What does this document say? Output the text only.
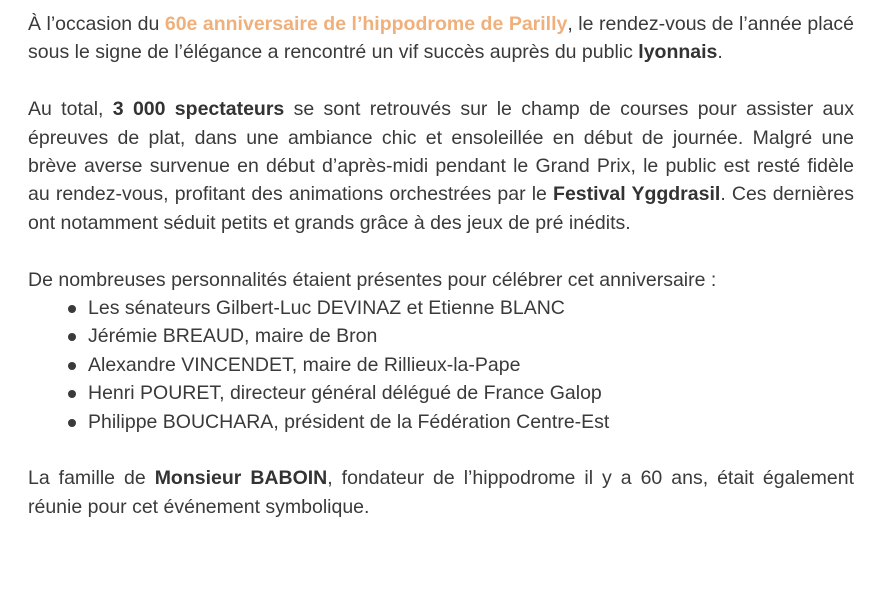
À l’occasion du 60e anniversaire de l’hippodrome de Parilly, le rendez-vous de l’année placé sous le signe de l’élégance a rencontré un vif succès auprès du public lyonnais.

Au total, 3 000 spectateurs se sont retrouvés sur le champ de courses pour assister aux épreuves de plat, dans une ambiance chic et ensoleillée en début de journée. Malgré une brève averse survenue en début d’après-midi pendant le Grand Prix, le public est resté fidèle au rendez-vous, profitant des animations orchestrées par le Festival Yggdrasil. Ces dernières ont notamment séduit petits et grands grâce à des jeux de pré inédits.

De nombreuses personnalités étaient présentes pour célébrer cet anniversaire :
Les sénateurs Gilbert-Luc DEVINAZ et Etienne BLANC
Jérémie BREAUD, maire de Bron
Alexandre VINCENDET, maire de Rillieux-la-Pape
Henri POURET, directeur général délégué de France Galop
Philippe BOUCHARA, président de la Fédération Centre-Est

La famille de Monsieur BABOIN, fondateur de l’hippodrome il y a 60 ans, était également réunie pour cet événement symbolique.
